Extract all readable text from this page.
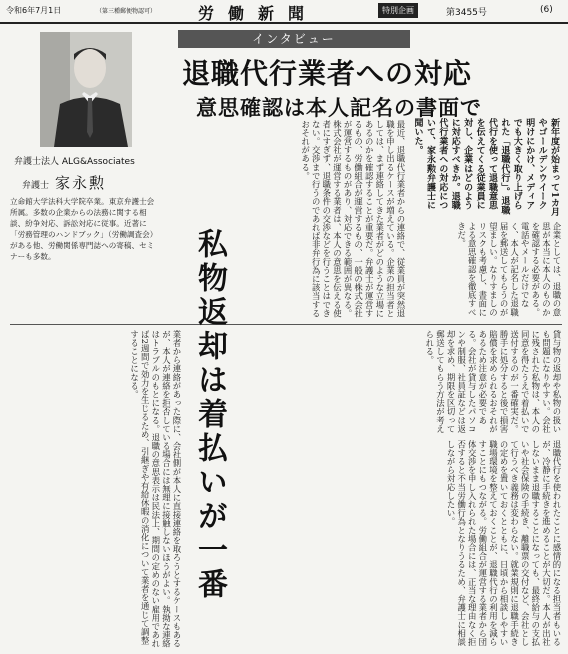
令和6年7月1日	（第三種郵便物認可）	労働新聞	特別企画	第3455号	(6)
弁護士法人 ALG&Associates
弁護士 家永勲
立命館大学法科大学院卒業。東京弁護士会所属。多数の企業からの法務に関する相談、紛争対応、訴訟対応に従事。近著に「労務管理のハンドブック」（労働調査会）がある他、労働関係専門誌への寄稿、セミナーも多数。
インタビュー
退職代行業者への対応
意思確認は本人記名の書面で
新年度が始まって1カ月やゴールデンウイーク明けにかけ、メディアでも大きく取り上げられた「退職代行」。退職代行を使って退職意思を伝えてくる従業員に対し、企業はどのように対応すべきか。退職代行業者への対応について、家永勲弁護士に聞いた。
最近、退職代行業者からの連絡で、従業員が突然退職を申し出るケースが増えている。企業の担当者としては、まず連絡してきた業者がどのような立場にあるのかを確認することが重要だ。弁護士が運営するもの、労働組合が運営するもの、一般の株式会社が運営するものがあり、対応できる範囲が異なる。株式会社が運営する業者は、本人の意思を伝える使者にすぎず、退職条件の交渉などを行うことはできない。交渉まで行うのであれば非弁行為に該当するおそれがある。
企業としては、退職の意思が本当に本人のものかを確認する必要がある。電話やメールだけでなく、本人が記名した退職届を郵送してもらうのが望ましい。なりすましのリスクも考慮し、書面による意思確認を徹底すべきだ。
私物返却は着払いが一番
業者から連絡があった際に、会社側が本人に直接連絡を取ろうとするケースもあるが、本人が連絡を拒否している場合には無理に接触しないほうがよい。執拗な連絡はトラブルのもとになる。退職の意思表示は民法上、期間の定めのない雇用であれば2週間で効力を生じるため、引継ぎや有給休暇の消化について業者を通じて調整することになる。	貸与物の返却や私物の扱いも問題になりやすい。会社に残された私物は、本人の同意を得たうえで着払いで送付するのが一番確実だ。勝手に処分すると後で損害賠償を求められるおそれがあるため注意が必要である。会社が貸与したパソコンや制服、社員証などは返却を求め、期限を区切って郵送してもらう方法が考えられる。
退職代行を使われたことに感情的になる担当者もいるが、冷静に手続きを進めることが大切だ。本人が出社しないまま退職することになっても、最終給与の支払いや社会保険の手続き、離職票の交付など、会社として行うべき義務は変わらない。就業規則に退職手続きの定めを置いておくとともに、日頃から相談しやすい職場環境を整えておくことが、退職代行の利用を減らすことにもつながる。労働組合が運営する業者から団体交渉を申し入れられた場合には、正当な理由なく拒否すると不当労働行為となりうるため、弁護士に相談しながら対応したい。
